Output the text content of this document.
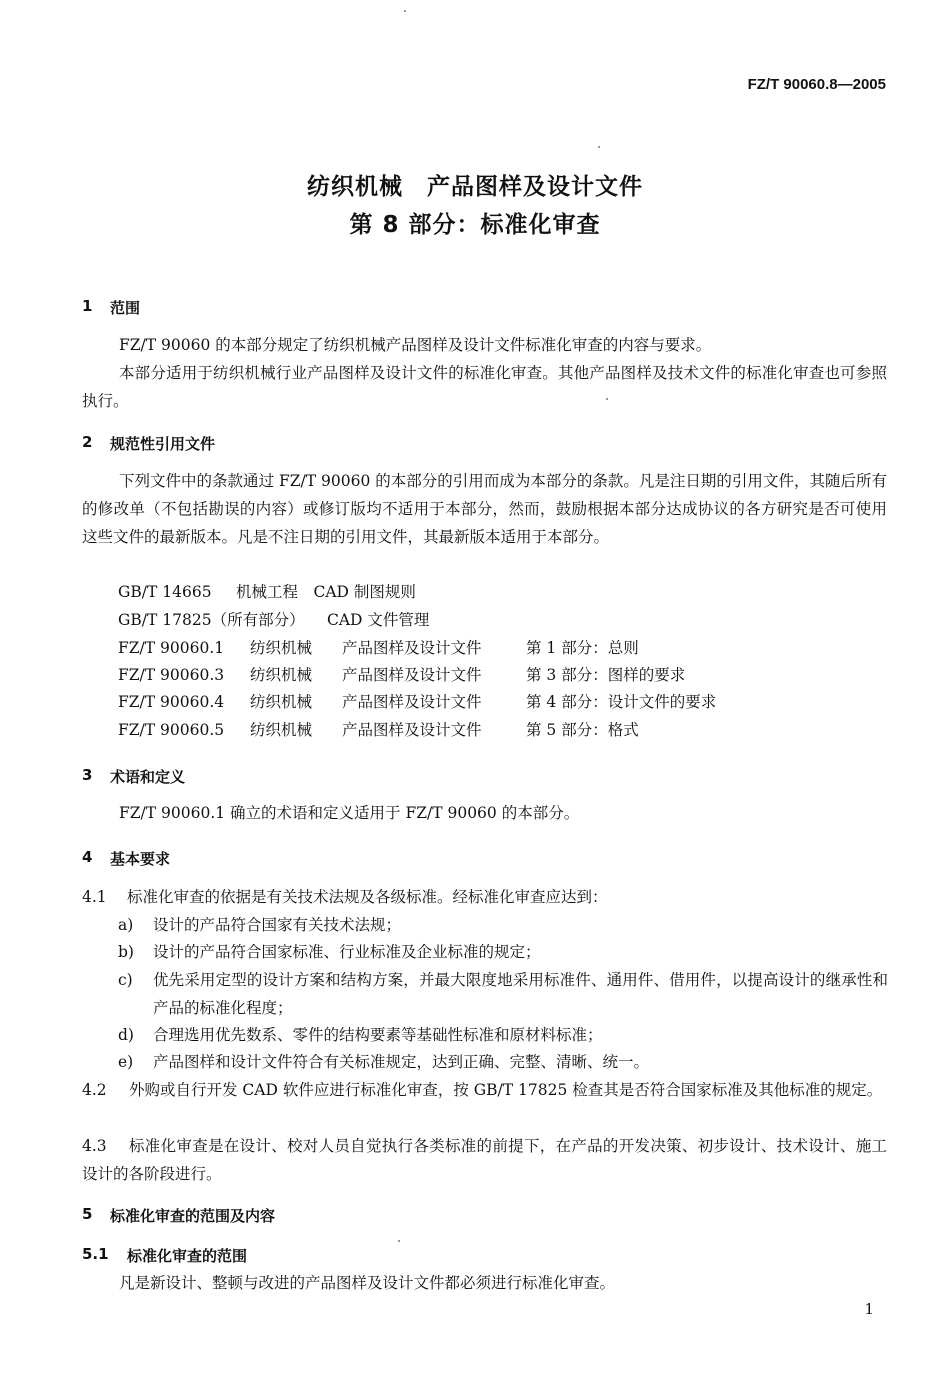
FZ/T 90060.8—2005
纺织机械　产品图样及设计文件
第 8 部分：标准化审查
1 范围
FZ/T 90060 的本部分规定了纺织机械产品图样及设计文件标准化审查的内容与要求。
本部分适用于纺织机械行业产品图样及设计文件的标准化审查。其他产品图样及技术文件的标准化审查也可参照执行。
2 规范性引用文件
下列文件中的条款通过 FZ/T 90060 的本部分的引用而成为本部分的条款。凡是注日期的引用文件，其随后所有的修改单（不包括勘误的内容）或修订版均不适用于本部分，然而，鼓励根据本部分达成协议的各方研究是否可使用这些文件的最新版本。凡是不注日期的引用文件，其最新版本适用于本部分。
GB/T 14665 机械工程　CAD 制图规则
GB/T 17825（所有部分） CAD 文件管理
FZ/T 90060.1 纺织机械 产品图样及设计文件	第 1 部分：总则
FZ/T 90060.3 纺织机械 产品图样及设计文件	第 3 部分：图样的要求
FZ/T 90060.4 纺织机械 产品图样及设计文件	第 4 部分：设计文件的要求
FZ/T 90060.5 纺织机械 产品图样及设计文件	第 5 部分：格式
3 术语和定义
FZ/T 90060.1 确立的术语和定义适用于 FZ/T 90060 的本部分。
4 基本要求
4.1 标准化审查的依据是有关技术法规及各级标准。经标准化审查应达到：
a) 设计的产品符合国家有关技术法规；
b) 设计的产品符合国家标准、行业标准及企业标准的规定；
c) 优先采用定型的设计方案和结构方案，并最大限度地采用标准件、通用件、借用件，以提高设计的继承性和产品的标准化程度；
d) 合理选用优先数系、零件的结构要素等基础性标准和原材料标准；
e) 产品图样和设计文件符合有关标准规定，达到正确、完整、清晰、统一。
4.2	外购或自行开发 CAD 软件应进行标准化审查，按 GB/T 17825 检查其是否符合国家标准及其他标准的规定。
4.3	标准化审查是在设计、校对人员自觉执行各类标准的前提下，在产品的开发决策、初步设计、技术设计、施工设计的各阶段进行。
5 标准化审查的范围及内容
5.1 标准化审查的范围
凡是新设计、整顿与改进的产品图样及设计文件都必须进行标准化审查。
1
